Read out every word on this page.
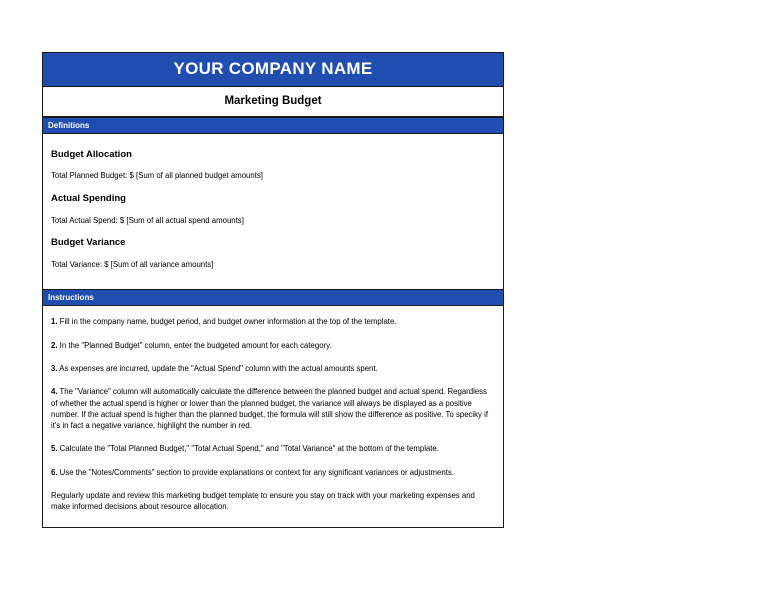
YOUR COMPANY NAME
Marketing Budget
Definitions
Budget Allocation
Total Planned Budget: $ [Sum of all planned budget amounts]
Actual Spending
Total Actual Spend: $ [Sum of all actual spend amounts]
Budget Variance
Total Variance: $ [Sum of all variance amounts]
Instructions

1. Fill in the company name, budget period, and budget owner information at the top of the template.

2. In the "Planned Budget" column, enter the budgeted amount for each category.

3. As expenses are incurred, update the "Actual Spend" column with the actual amounts spent.

4. The "Variance" column will automatically calculate the difference between the planned budget and actual spend. Regardless of whether the actual spend is higher or lower than the planned budget, the variance will always be displayed as a positive number. If the actual spend is higher than the planned budget, the formula will still show the difference as positive. To speciky if it's in fact a negative variance, highlight the number in red.

5. Calculate the "Total Planned Budget," "Total Actual Spend," and "Total Variance" at the bottom of the template.

6. Use the "Notes/Comments" section to provide explanations or context for any significant variances or adjustments.

Regularly update and review this marketing budget template to ensure you stay on track with your marketing expenses and make informed decisions about resource allocation.
